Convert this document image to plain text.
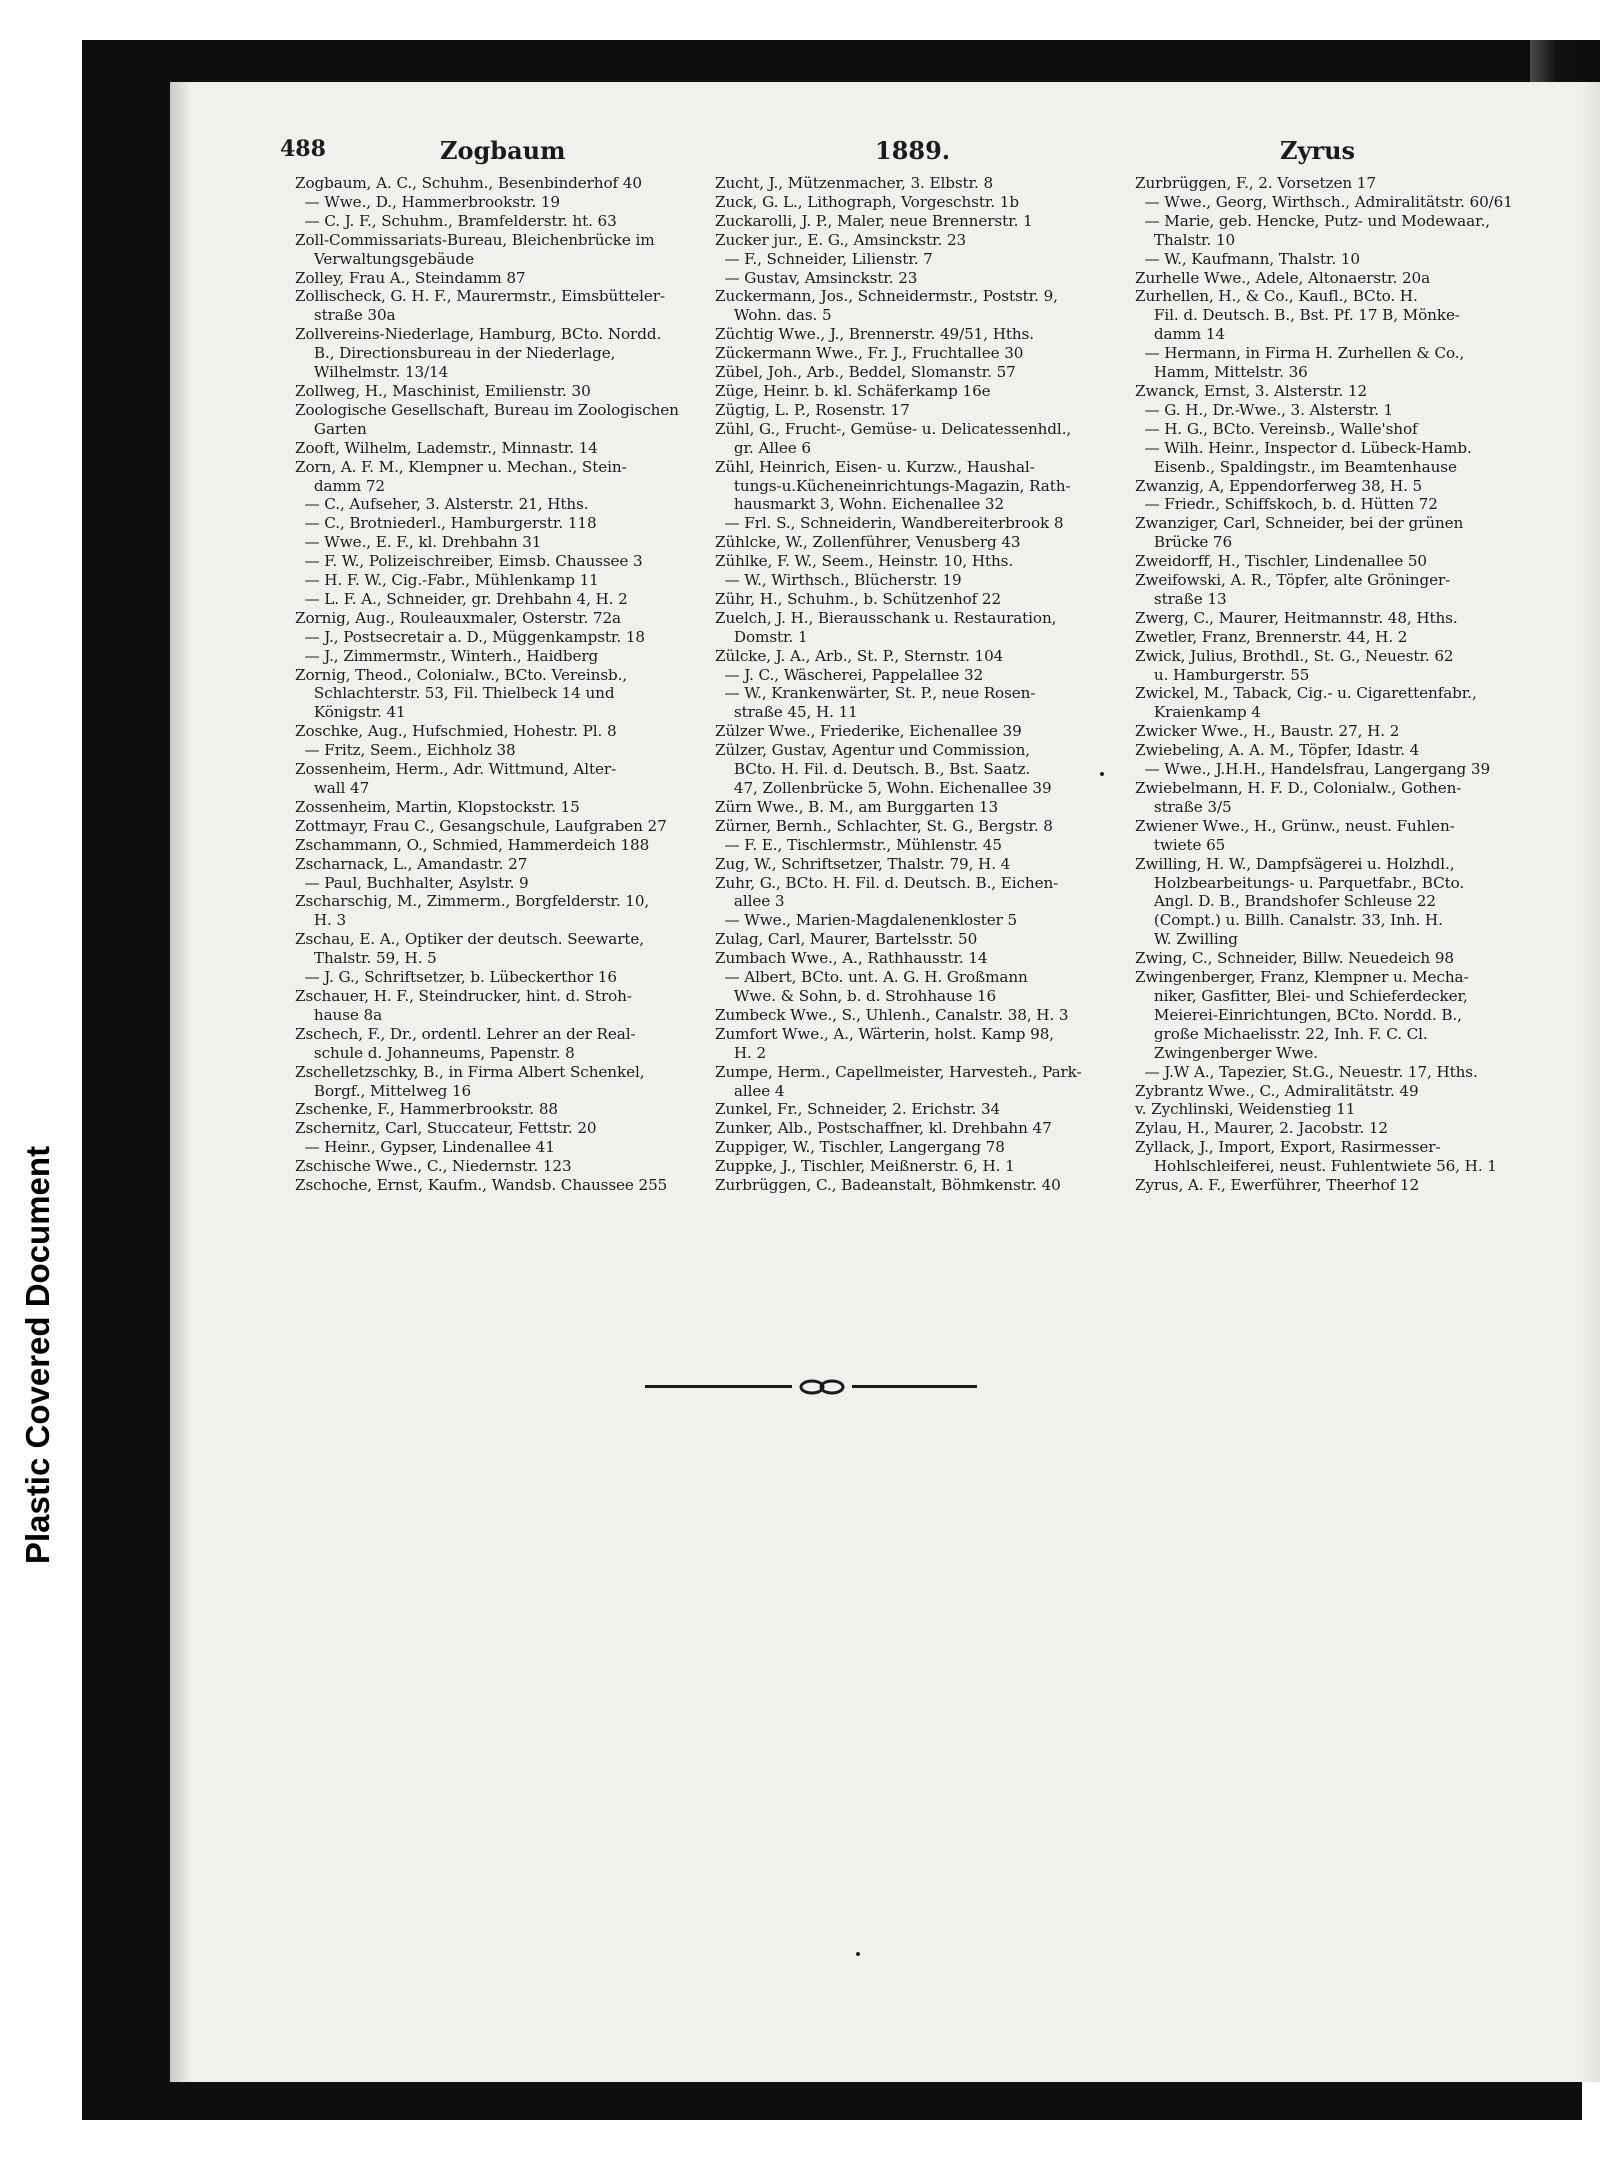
Plastic Covered Document
488	Zogbaum	1889.	Zyrus
Zogbaum, A. C., Schuhm., Besenbinderhof 40
— Wwe., D., Hammerbrookstr. 19
— C. J. F., Schuhm., Bramfelderstr. ht. 63
Zoll-Commissariats-Bureau, Bleichenbrücke im
Verwaltungsgebäude
Zolley, Frau A., Steindamm 87
Zollischeck, G. H. F., Maurermstr., Eimsbütteler-
straße 30a
Zollvereins-Niederlage, Hamburg, BCto. Nordd.
B., Directionsbureau in der Niederlage,
Wilhelmstr. 13/14
Zollweg, H., Maschinist, Emilienstr. 30
Zoologische Gesellschaft, Bureau im Zoologischen
Garten
Zooft, Wilhelm, Lademstr., Minnastr. 14
Zorn, A. F. M., Klempner u. Mechan., Stein-
damm 72
— C., Aufseher, 3. Alsterstr. 21, Hths.
— C., Brotniederl., Hamburgerstr. 118
— Wwe., E. F., kl. Drehbahn 31
— F. W., Polizeischreiber, Eimsb. Chaussee 3
— H. F. W., Cig.-Fabr., Mühlenkamp 11
— L. F. A., Schneider, gr. Drehbahn 4, H. 2
Zornig, Aug., Rouleauxmaler, Osterstr. 72a
— J., Postsecretair a. D., Müggenkampstr. 18
— J., Zimmermstr., Winterh., Haidberg
Zornig, Theod., Colonialw., BCto. Vereinsb.,
Schlachterstr. 53, Fil. Thielbeck 14 und
Königstr. 41
Zoschke, Aug., Hufschmied, Hohestr. Pl. 8
— Fritz, Seem., Eichholz 38
Zossenheim, Herm., Adr. Wittmund, Alter-
wall 47
Zossenheim, Martin, Klopstockstr. 15
Zottmayr, Frau C., Gesangschule, Laufgraben 27
Zschammann, O., Schmied, Hammerdeich 188
Zscharnack, L., Amandastr. 27
— Paul, Buchhalter, Asylstr. 9
Zscharschig, M., Zimmerm., Borgfelderstr. 10,
H. 3
Zschau, E. A., Optiker der deutsch. Seewarte,
Thalstr. 59, H. 5
— J. G., Schriftsetzer, b. Lübeckerthor 16
Zschauer, H. F., Steindrucker, hint. d. Stroh-
hause 8a
Zschech, F., Dr., ordentl. Lehrer an der Real-
schule d. Johanneums, Papenstr. 8
Zschelletzschky, B., in Firma Albert Schenkel,
Borgf., Mittelweg 16
Zschenke, F., Hammerbrookstr. 88
Zschernitz, Carl, Stuccateur, Fettstr. 20
— Heinr., Gypser, Lindenallee 41
Zschische Wwe., C., Niedernstr. 123
Zschoche, Ernst, Kaufm., Wandsb. Chaussee 255
Zucht, J., Mützenmacher, 3. Elbstr. 8
Zuck, G. L., Lithograph, Vorgeschstr. 1b
Zuckarolli, J. P., Maler, neue Brennerstr. 1
Zucker jur., E. G., Amsinckstr. 23
— F., Schneider, Lilienstr. 7
— Gustav, Amsinckstr. 23
Zuckermann, Jos., Schneidermstr., Poststr. 9,
Wohn. das. 5
Züchtig Wwe., J., Brennerstr. 49/51, Hths.
Zückermann Wwe., Fr. J., Fruchtallee 30
Zübel, Joh., Arb., Beddel, Slomanstr. 57
Züge, Heinr. b. kl. Schäferkamp 16e
Zügtig, L. P., Rosenstr. 17
Zühl, G., Frucht-, Gemüse- u. Delicatessenhdl.,
gr. Allee 6
Zühl, Heinrich, Eisen- u. Kurzw., Haushal-
tungs-u.Kücheneinrichtungs-Magazin, Rath-
hausmarkt 3, Wohn. Eichenallee 32
— Frl. S., Schneiderin, Wandbereiterbrook 8
Zühlcke, W., Zollenführer, Venusberg 43
Zühlke, F. W., Seem., Heinstr. 10, Hths.
— W., Wirthsch., Blücherstr. 19
Zühr, H., Schuhm., b. Schützenhof 22
Zuelch, J. H., Bierausschank u. Restauration,
Domstr. 1
Zülcke, J. A., Arb., St. P., Sternstr. 104
— J. C., Wäscherei, Pappelallee 32
— W., Krankenwärter, St. P., neue Rosen-
straße 45, H. 11
Zülzer Wwe., Friederike, Eichenallee 39
Zülzer, Gustav, Agentur und Commission,
BCto. H. Fil. d. Deutsch. B., Bst. Saatz.
47, Zollenbrücke 5, Wohn. Eichenallee 39
Zürn Wwe., B. M., am Burggarten 13
Zürner, Bernh., Schlachter, St. G., Bergstr. 8
— F. E., Tischlermstr., Mühlenstr. 45
Zug, W., Schriftsetzer, Thalstr. 79, H. 4
Zuhr, G., BCto. H. Fil. d. Deutsch. B., Eichen-
allee 3
— Wwe., Marien-Magdalenenkloster 5
Zulag, Carl, Maurer, Bartelsstr. 50
Zumbach Wwe., A., Rathhausstr. 14
— Albert, BCto. unt. A. G. H. Großmann
Wwe. & Sohn, b. d. Strohhause 16
Zumbeck Wwe., S., Uhlenh., Canalstr. 38, H. 3
Zumfort Wwe., A., Wärterin, holst. Kamp 98,
H. 2
Zumpe, Herm., Capellmeister, Harvesteh., Park-
allee 4
Zunkel, Fr., Schneider, 2. Erichstr. 34
Zunker, Alb., Postschaffner, kl. Drehbahn 47
Zuppiger, W., Tischler, Langergang 78
Zuppke, J., Tischler, Meißnerstr. 6, H. 1
Zurbrüggen, C., Badeanstalt, Böhmkenstr. 40
Zurbrüggen, F., 2. Vorsetzen 17
— Wwe., Georg, Wirthsch., Admiralitätstr. 60/61
— Marie, geb. Hencke, Putz- und Modewaar.,
Thalstr. 10
— W., Kaufmann, Thalstr. 10
Zurhelle Wwe., Adele, Altonaerstr. 20a
Zurhellen, H., & Co., Kaufl., BCto. H.
Fil. d. Deutsch. B., Bst. Pf. 17 B, Mönke-
damm 14
— Hermann, in Firma H. Zurhellen & Co.,
Hamm, Mittelstr. 36
Zwanck, Ernst, 3. Alsterstr. 12
— G. H., Dr.-Wwe., 3. Alsterstr. 1
— H. G., BCto. Vereinsb., Walle'shof
— Wilh. Heinr., Inspector d. Lübeck-Hamb.
Eisenb., Spaldingstr., im Beamtenhause
Zwanzig, A, Eppendorferweg 38, H. 5
— Friedr., Schiffskoch, b. d. Hütten 72
Zwanziger, Carl, Schneider, bei der grünen
Brücke 76
Zweidorff, H., Tischler, Lindenallee 50
Zweifowski, A. R., Töpfer, alte Gröninger-
straße 13
Zwerg, C., Maurer, Heitmannstr. 48, Hths.
Zwetler, Franz, Brennerstr. 44, H. 2
Zwick, Julius, Brothdl., St. G., Neuestr. 62
u. Hamburgerstr. 55
Zwickel, M., Taback, Cig.- u. Cigarettenfabr.,
Kraienkamp 4
Zwicker Wwe., H., Baustr. 27, H. 2
Zwiebeling, A. A. M., Töpfer, Idastr. 4
— Wwe., J.H.H., Handelsfrau, Langergang 39
Zwiebelmann, H. F. D., Colonialw., Gothen-
straße 3/5
Zwiener Wwe., H., Grünw., neust. Fuhlen-
twiete 65
Zwilling, H. W., Dampfsägerei u. Holzhdl.,
Holzbearbeitungs- u. Parquetfabr., BCto.
Angl. D. B., Brandshofer Schleuse 22
(Compt.) u. Billh. Canalstr. 33, Inh. H.
W. Zwilling
Zwing, C., Schneider, Billw. Neuedeich 98
Zwingenberger, Franz, Klempner u. Mecha-
niker, Gasfitter, Blei- und Schieferdecker,
Meierei-Einrichtungen, BCto. Nordd. B.,
große Michaelisstr. 22, Inh. F. C. Cl.
Zwingenberger Wwe.
— J.W A., Tapezier, St.G., Neuestr. 17, Hths.
Zybrantz Wwe., C., Admiralitätstr. 49
v. Zychlinski, Weidenstieg 11
Zylau, H., Maurer, 2. Jacobstr. 12
Zyllack, J., Import, Export, Rasirmesser-
Hohlschleiferei, neust. Fuhlentwiete 56, H. 1
Zyrus, A. F., Ewerführer, Theerhof 12
